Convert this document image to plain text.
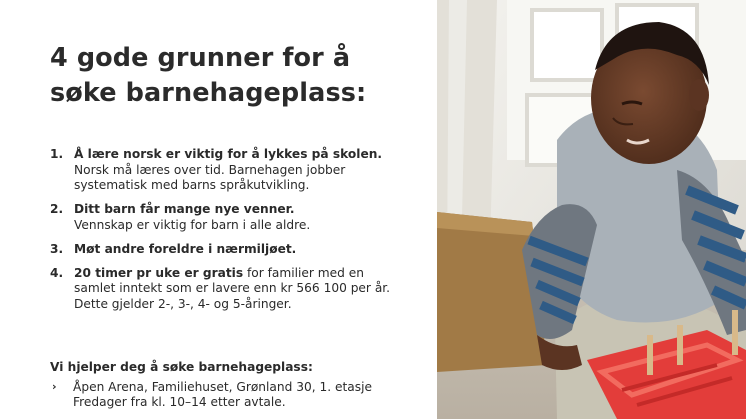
4 gode grunner for å
søke barnehageplass:
1. Å lære norsk er viktig for å lykkes på skolen.
Norsk må læres over tid. Barnehagen jobber
systematisk med barns språkutvikling.
2. Ditt barn får mange nye venner.
Vennskap er viktig for barn i alle aldre.
3. Møt andre foreldre i nærmiljøet.
4. 20 timer pr uke er gratis for familier med en
samlet inntekt som er lavere enn kr 566 100 per år.
Dette gjelder 2-, 3-, 4- og 5-åringer.

Vi hjelper deg å søke barnehageplass:

› Åpen Arena, Familiehuset, Grønland 30, 1. etasje
Fredager fra kl. 10–14 etter avtale.
